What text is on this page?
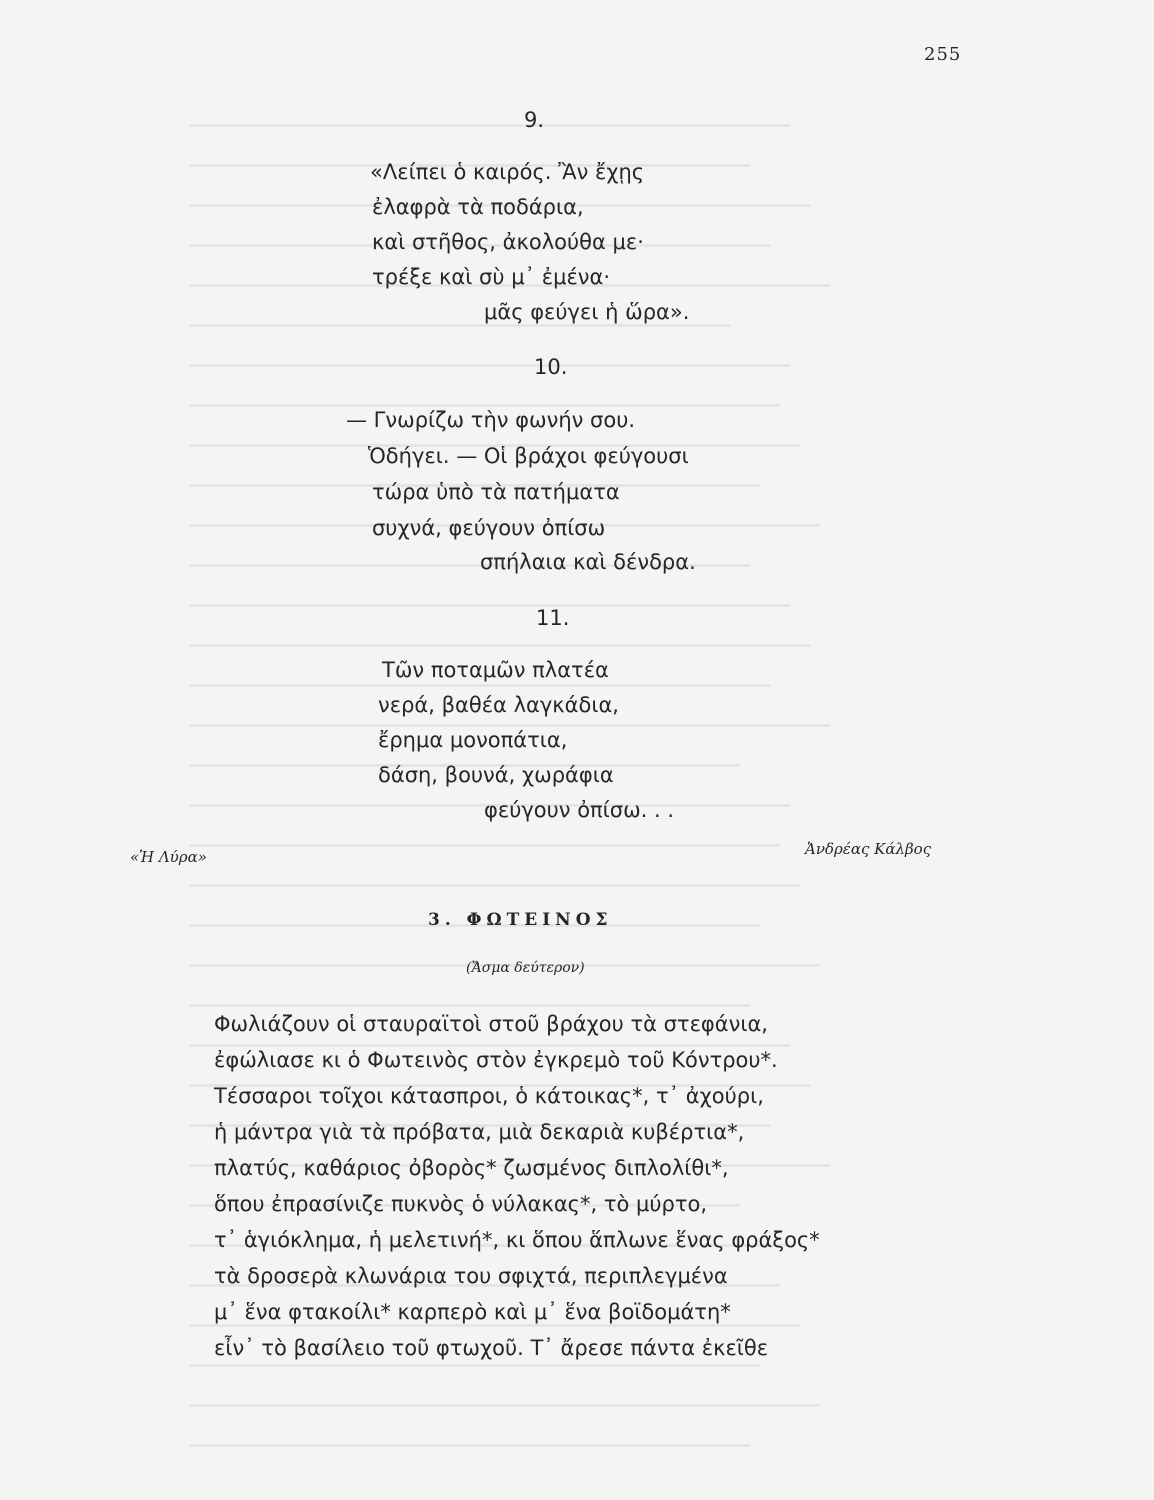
255
9.
«Λείπει ὁ καιρός. Ἂν ἔχῃς
ἐλαφρὰ τὰ ποδάρια,
καὶ στῆθος, ἀκολούθα με·
τρέξε καὶ σὺ μ᾽ ἐμένα·
μᾶς φεύγει ἡ ὥρα».
10.
— Γνωρίζω τὴν φωνήν σου.
Ὁδήγει. — Οἱ βράχοι φεύγουσι
τώρα ὑπὸ τὰ πατήματα
συχνά, φεύγουν ὀπίσω
σπήλαια καὶ δένδρα.
11.
Τῶν ποταμῶν πλατέα
νερά, βαθέα λαγκάδια,
ἔρημα μονοπάτια,
δάση, βουνά, χωράφια
φεύγουν ὀπίσω. . .
«Ἡ Λύρα»	Ἀνδρέας Κάλβος
3. ΦΩΤΕΙΝΟΣ
(Ἄσμα δεύτερον)
Φωλιάζουν οἱ σταυραϊτοὶ στοῦ βράχου τὰ στεφάνια,
ἐφώλιασε κι ὁ Φωτεινὸς στὸν ἐγκρεμὸ τοῦ Κόντρου*.
Τέσσαροι τοῖχοι κάτασπροι, ὁ κάτοικας*, τ᾽ ἀχούρι,
ἡ μάντρα γιὰ τὰ πρόβατα, μιὰ δεκαριὰ κυβέρτια*,
πλατύς, καθάριος ὀβορὸς* ζωσμένος διπλολίθι*,
ὅπου ἐπρασίνιζε πυκνὸς ὁ νύλακας*, τὸ μύρτο,
τ᾽ ἁγιόκλημα, ἡ μελετινή*, κι ὅπου ἅπλωνε ἕνας φράξος*
τὰ δροσερὰ κλωνάρια του σφιχτά, περιπλεγμένα
μ᾽ ἕνα φτακοίλι* καρπερὸ καὶ μ᾽ ἕνα βοϊδομάτη*
εἶν᾽ τὸ βασίλειο τοῦ φτωχοῦ. Τ᾽ ἄρεσε πάντα ἐκεῖθε
